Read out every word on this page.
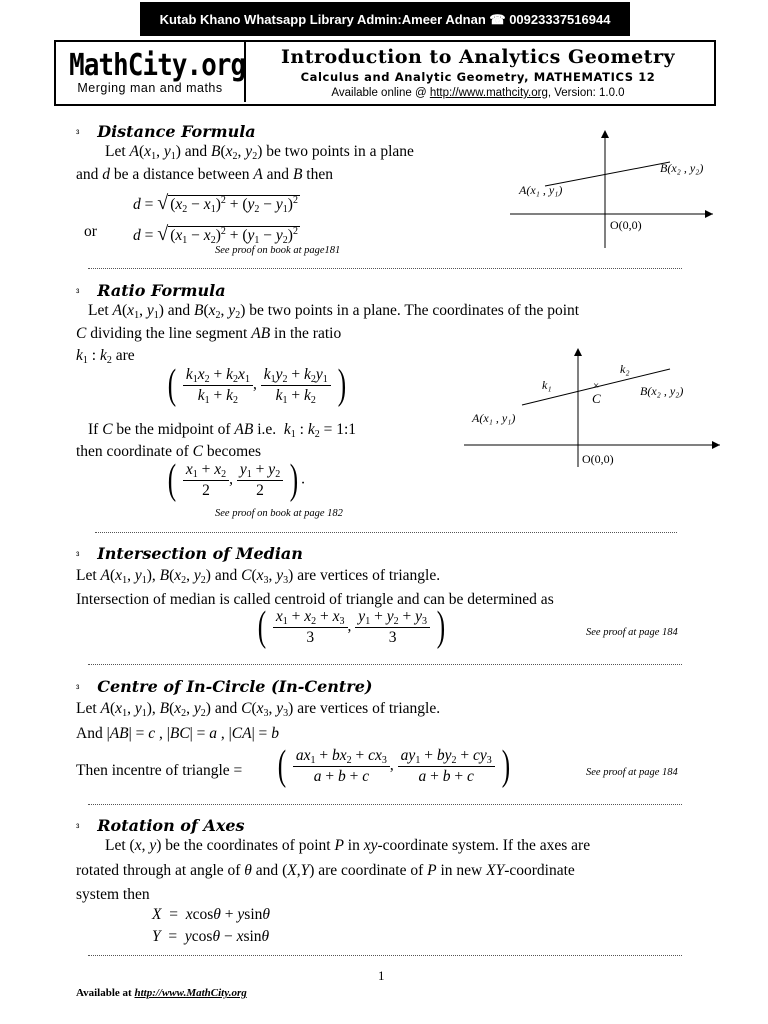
Kutab Khano Whatsapp Library Admin:Ameer Adnan ☎ 00923337516944
MathCity.org
Merging man and maths
Introduction to Analytics Geometry
Calculus and Analytic Geometry, MATHEMATICS 12
Available online @ http://www.mathcity.org, Version: 1.0.0
³ Distance Formula
Let $A(x_1$, $y_1$) and $B(x_2$, $y_2$) be two points in a plane
and d be a distance between A and B then
d = √ $(x_2 - x_1)^2 + (y_2 - y_1)^2$
or d = √ $(x_1 - x_2)^2 + (y_1 - y_2)^2$
See proof on book at page181
A(x₁ , y₁)
B(x₂ , y₂)
O(0,0)
³ Ratio Formula
Let $A(x_1$, $y_1$) and $B(x_2$, $y_2$) be two points in a plane. The coordinates of the point
C dividing the line segment AB in the ratio
$k_1$ : $k_2$ are
( $\frac{k_1x_2 + k_2x_1}{k_1 + k_2}$ , $\frac{k_1y_2 + k_2y_1}{k_1 + k_2}$ )
If C be the midpoint of AB i.e. $k_1$ : $k_2$ = 1:1
then coordinate of C becomes
( $\frac{x_1 + x_2}{2}$ , $\frac{y_1 + y_2}{2}$ ) .
See proof on book at page 182
×
A(x₁ , y₁)
B(x₂ , y₂)
C
k₁
k₂
O(0,0)
³ Intersection of Median
Let $A(x_1$, $y_1$), $B(x_2$, $y_2$) and $C(x_3$, $y_3$) are vertices of triangle.
Intersection of median is called centroid of triangle and can be determined as
( $\frac{x_1 + x_2 + x_3}{3}$ , $\frac{y_1 + y_2 + y_3}{3}$ )	See proof at page 184
³ Centre of In-Circle (In-Centre)
Let $A(x_1$, $y_1$), $B(x_2$, $y_2$) and $C(x_3$, $y_3$) are vertices of triangle.
And |AB| = c , |BC| = a , |CA| = b
Then incentre of triangle = ( $\frac{ax_1 + bx_2 + cx_3}{a + b + c}$ , $\frac{ay_1 + by_2 + cy_3}{a + b + c}$ )	See proof at page 184
³ Rotation of Axes
Let (x, y) be the coordinates of point P in xy-coordinate system. If the axes are
rotated through at angle of θ and (X,Y) are coordinate of P in new XY-coordinate
system then
X  =  xcosθ + ysinθ
Y  =  ycosθ − xsinθ
1
Available at http://www.MathCity.org
